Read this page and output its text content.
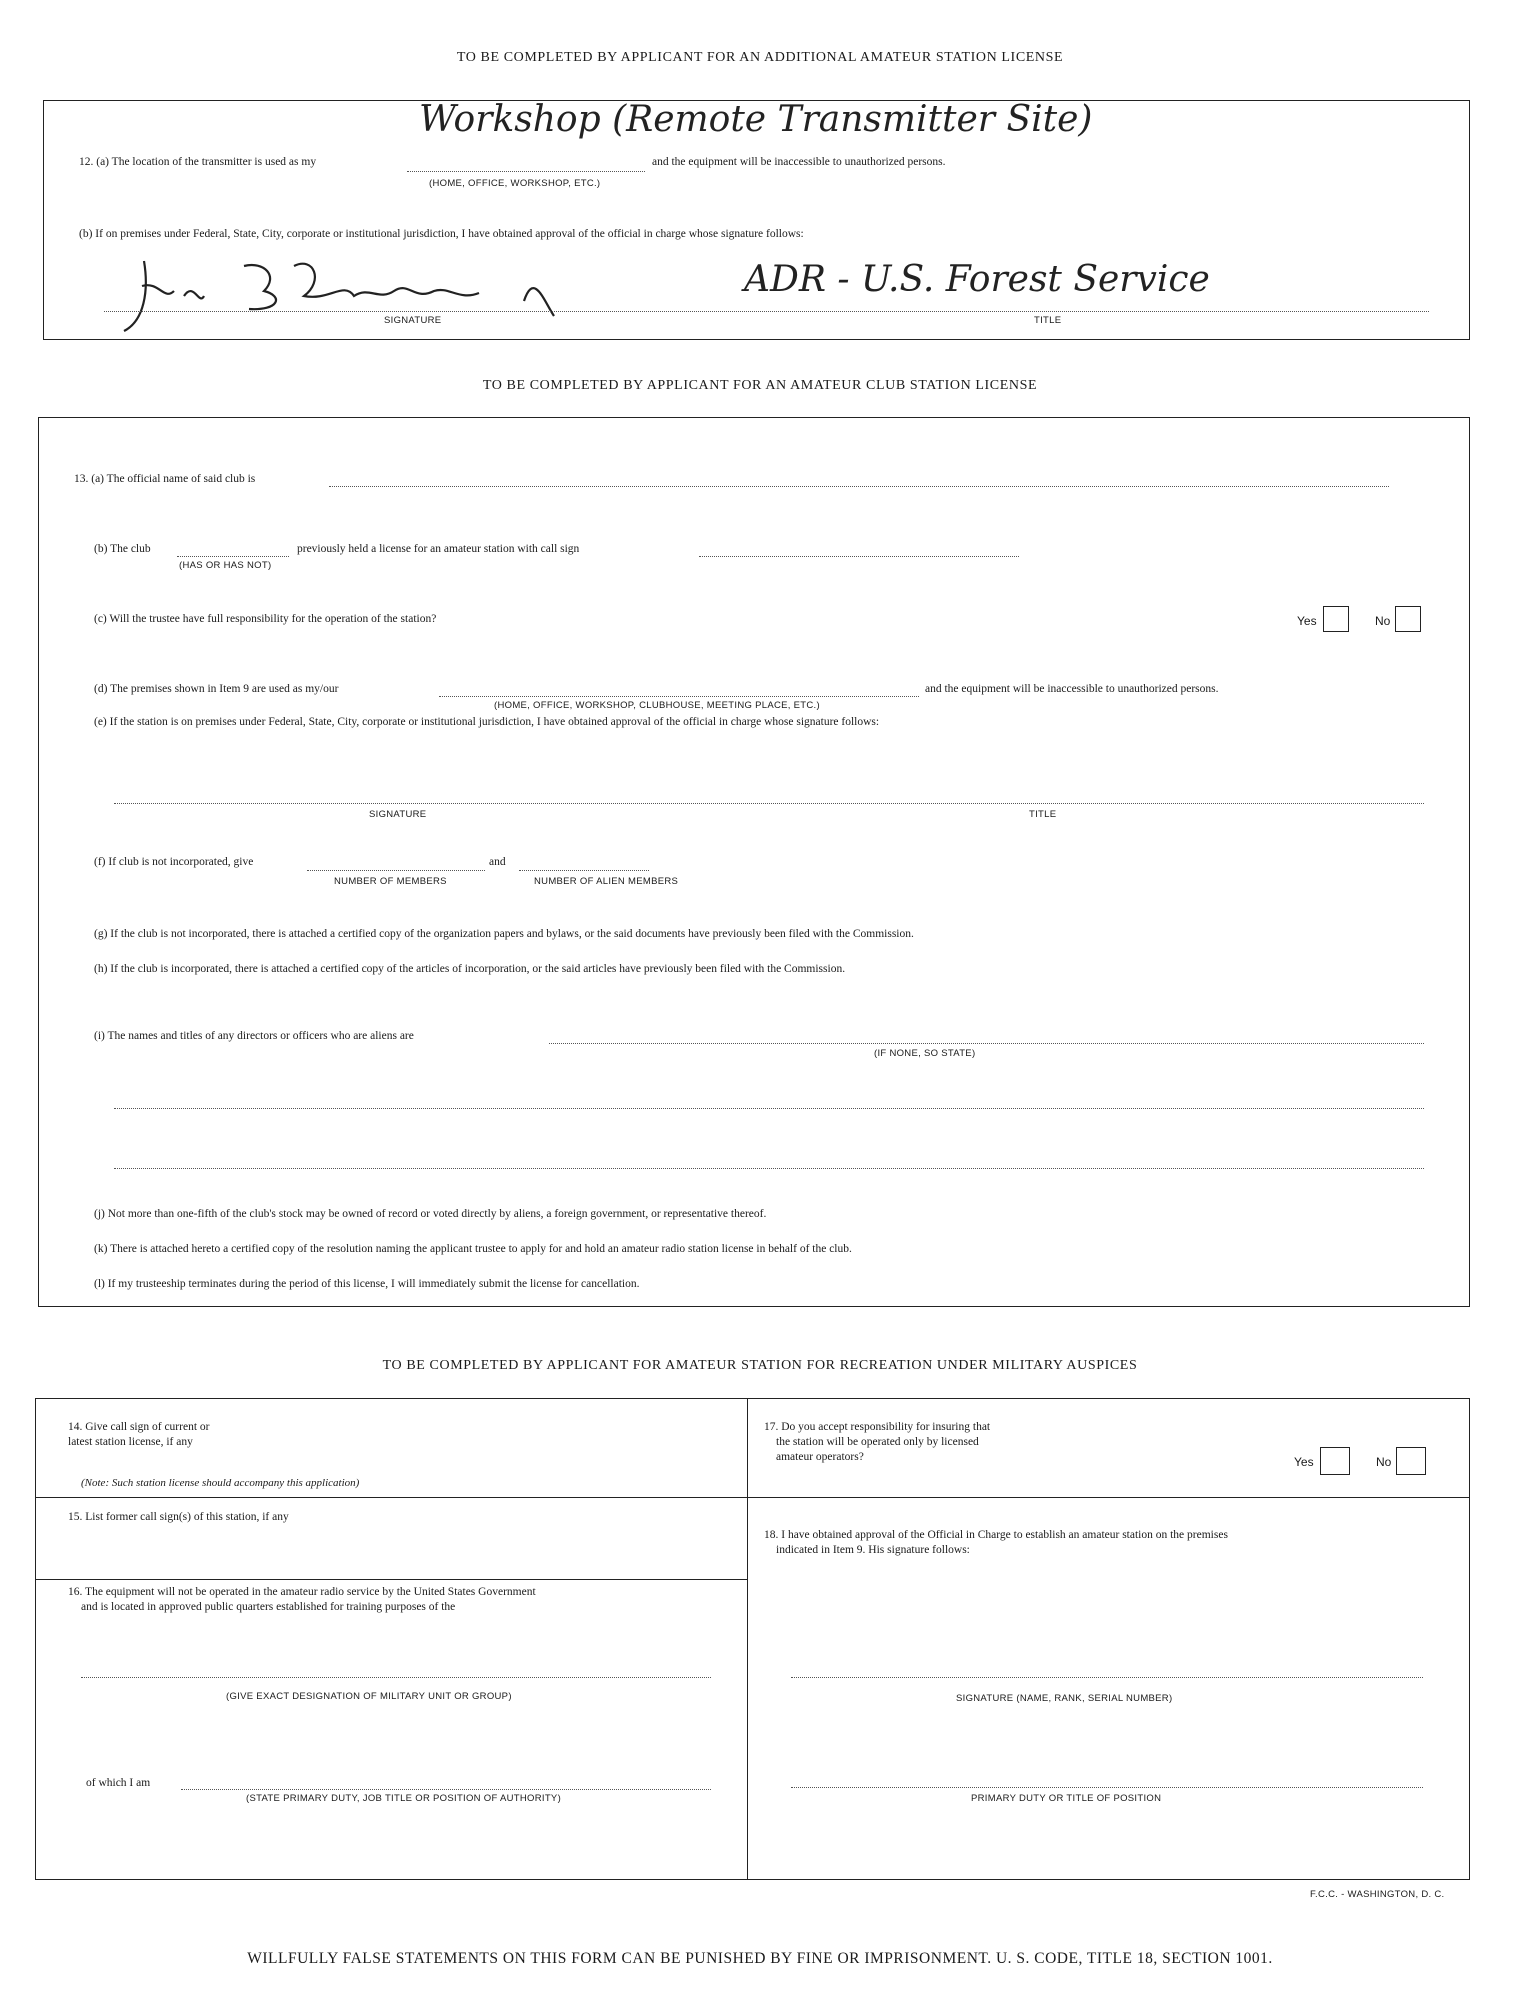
TO BE COMPLETED BY APPLICANT FOR AN ADDITIONAL AMATEUR STATION LICENSE
12. (a) The location of the transmitter is used as my
Workshop (Remote Transmitter Site)
and the equipment will be inaccessible to unauthorized persons.
(HOME, OFFICE, WORKSHOP, ETC.)
(b) If on premises under Federal, State, City, corporate or institutional jurisdiction, I have obtained approval of the official in charge whose signature follows:
ADR - U.S. Forest Service
SIGNATURE	TITLE
TO BE COMPLETED BY APPLICANT FOR AN AMATEUR CLUB STATION LICENSE
13. (a) The official name of said club is
(b) The club
(HAS OR HAS NOT)
previously held a license for an amateur station with call sign
(c) Will the trustee have full responsibility for the operation of the station?	Yes	No
(d) The premises shown in Item 9 are used as my/our
(HOME, OFFICE, WORKSHOP, CLUBHOUSE, MEETING PLACE, ETC.)
and the equipment will be inaccessible to unauthorized persons.
(e) If the station is on premises under Federal, State, City, corporate or institutional jurisdiction, I have obtained approval of the official in charge whose signature follows:
SIGNATURE	TITLE
(f) If club is not incorporated, give	and
NUMBER OF MEMBERS	NUMBER OF ALIEN MEMBERS
(g) If the club is not incorporated, there is attached a certified copy of the organization papers and bylaws, or the said documents have previously been filed with the Commission.
(h) If the club is incorporated, there is attached a certified copy of the articles of incorporation, or the said articles have previously been filed with the Commission.
(i) The names and titles of any directors or officers who are aliens are
(IF NONE, SO STATE)
(j) Not more than one-fifth of the club's stock may be owned of record or voted directly by aliens, a foreign government, or representative thereof.
(k) There is attached hereto a certified copy of the resolution naming the applicant trustee to apply for and hold an amateur radio station license in behalf of the club.
(l) If my trusteeship terminates during the period of this license, I will immediately submit the license for cancellation.
TO BE COMPLETED BY APPLICANT FOR AMATEUR STATION FOR RECREATION UNDER MILITARY AUSPICES
14. Give call sign of current or
latest station license, if any
(Note: Such station license should accompany this application)
15. List former call sign(s) of this station, if any
16. The equipment will not be operated in the amateur radio service by the United States Government
and is located in approved public quarters established for training purposes of the
(GIVE EXACT DESIGNATION OF MILITARY UNIT OR GROUP)
of which I am
(STATE PRIMARY DUTY, JOB TITLE OR POSITION OF AUTHORITY)
17. Do you accept responsibility for insuring that
the station will be operated only by licensed
amateur operators?	Yes	No
18. I have obtained approval of the Official in Charge to establish an amateur station on the premises
indicated in Item 9. His signature follows:
SIGNATURE (NAME, RANK, SERIAL NUMBER)
PRIMARY DUTY OR TITLE OF POSITION
F.C.C. - WASHINGTON, D. C.
WILLFULLY FALSE STATEMENTS ON THIS FORM CAN BE PUNISHED BY FINE OR IMPRISONMENT. U. S. CODE, TITLE 18, SECTION 1001.
